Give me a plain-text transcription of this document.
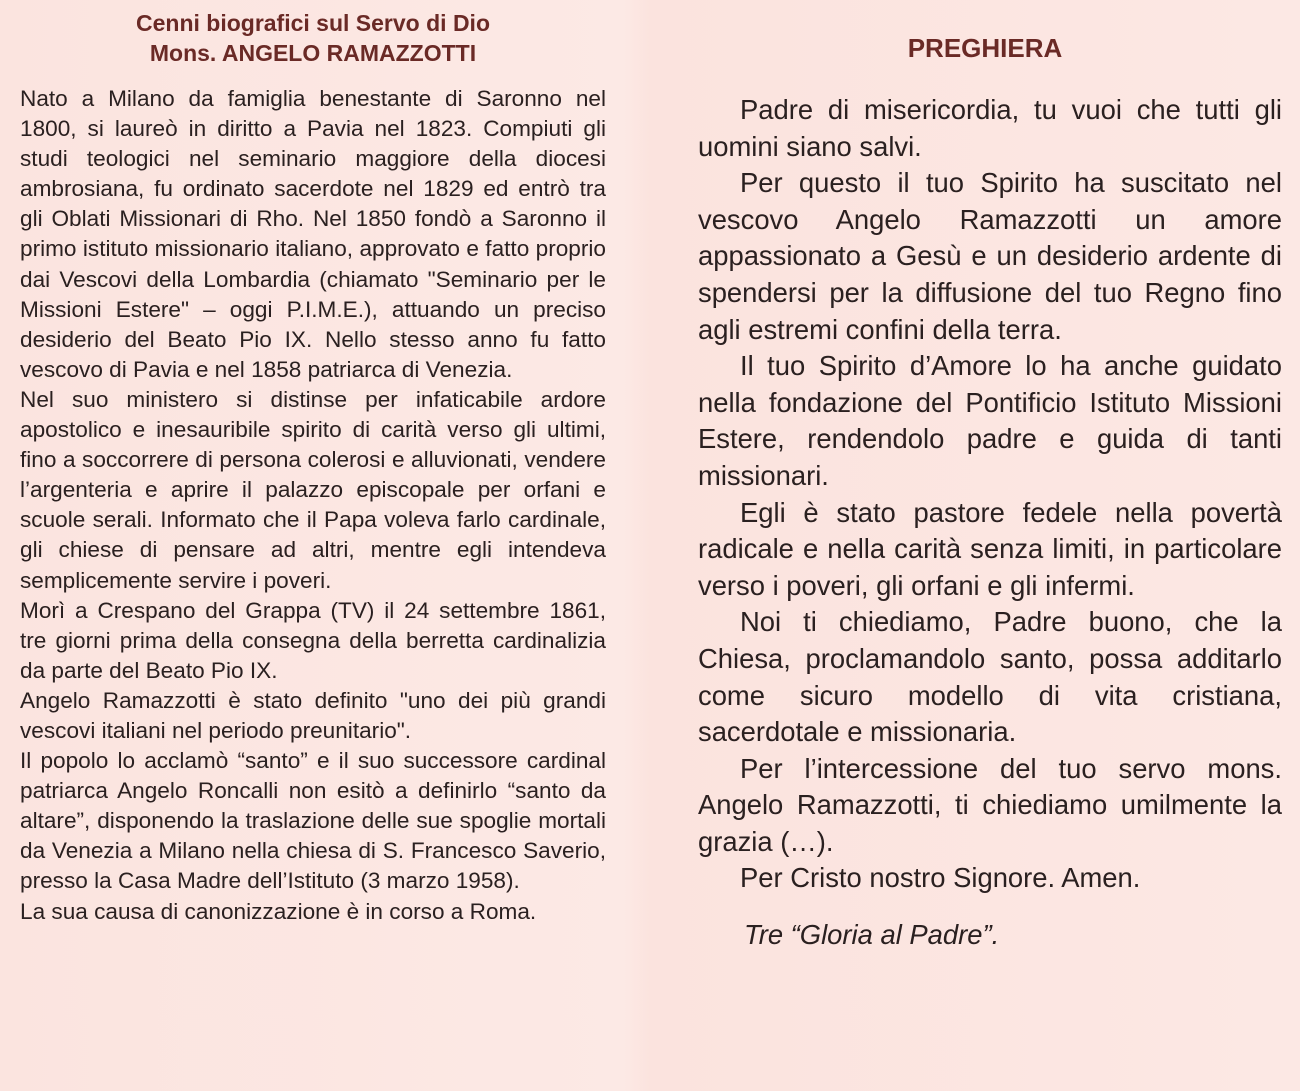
Cenni biografici sul Servo di Dio
Mons. ANGELO RAMAZZOTTI

Nato a Milano da famiglia benestante di Saronno nel 1800, si laureò in diritto a Pavia nel 1823. Compiuti gli studi teologici nel seminario maggiore della diocesi ambrosiana, fu ordinato sacerdote nel 1829 ed entrò tra gli Oblati Missionari di Rho. Nel 1850 fondò a Saronno il primo istituto missionario italiano, approvato e fatto proprio dai Vescovi della Lombardia (chiamato "Seminario per le Missioni Estere" – oggi P.I.M.E.), attuando un preciso desiderio del Beato Pio IX. Nello stesso anno fu fatto vescovo di Pavia e nel 1858 patriarca di Venezia.

Nel suo ministero si distinse per infaticabile ardore apostolico e inesauribile spirito di carità verso gli ultimi, fino a soccorrere di persona colerosi e alluvionati, vendere l’argenteria e aprire il palazzo episcopale per orfani e scuole serali. Informato che il Papa voleva farlo cardinale, gli chiese di pensare ad altri, mentre egli intendeva semplicemente servire i poveri.

Morì a Crespano del Grappa (TV) il 24 settembre 1861, tre giorni prima della consegna della berretta cardinalizia da parte del Beato Pio IX.

Angelo Ramazzotti è stato definito "uno dei più grandi vescovi italiani nel periodo preunitario".

Il popolo lo acclamò “santo” e il suo successore cardinal patriarca Angelo Roncalli non esitò a definirlo “santo da altare”, disponendo la traslazione delle sue spoglie mortali da Venezia a Milano nella chiesa di S. Francesco Saverio, presso la Casa Madre dell’Istituto (3 marzo 1958).

La sua causa di canonizzazione è in corso a Roma.

PREGHIERA

Padre di misericordia, tu vuoi che tutti gli uomini siano salvi.

Per questo il tuo Spirito ha suscitato nel vescovo Angelo Ramazzotti un amore appassionato a Gesù e un desiderio ardente di spendersi per la diffusione del tuo Regno fino agli estremi confini della terra.

Il tuo Spirito d’Amore lo ha anche guidato nella fondazione del Pontificio Istituto Missioni Estere, rendendolo padre e guida di tanti missionari.

Egli è stato pastore fedele nella povertà radicale e nella carità senza limiti, in particolare verso i poveri, gli orfani e gli infermi.

Noi ti chiediamo, Padre buono, che la Chiesa, proclamandolo santo, possa additarlo come sicuro modello di vita cristiana, sacerdotale e missionaria.

Per l’intercessione del tuo servo mons. Angelo Ramazzotti, ti chiediamo umilmente la grazia (…).

Per Cristo nostro Signore. Amen.

Tre “Gloria al Padre”.
